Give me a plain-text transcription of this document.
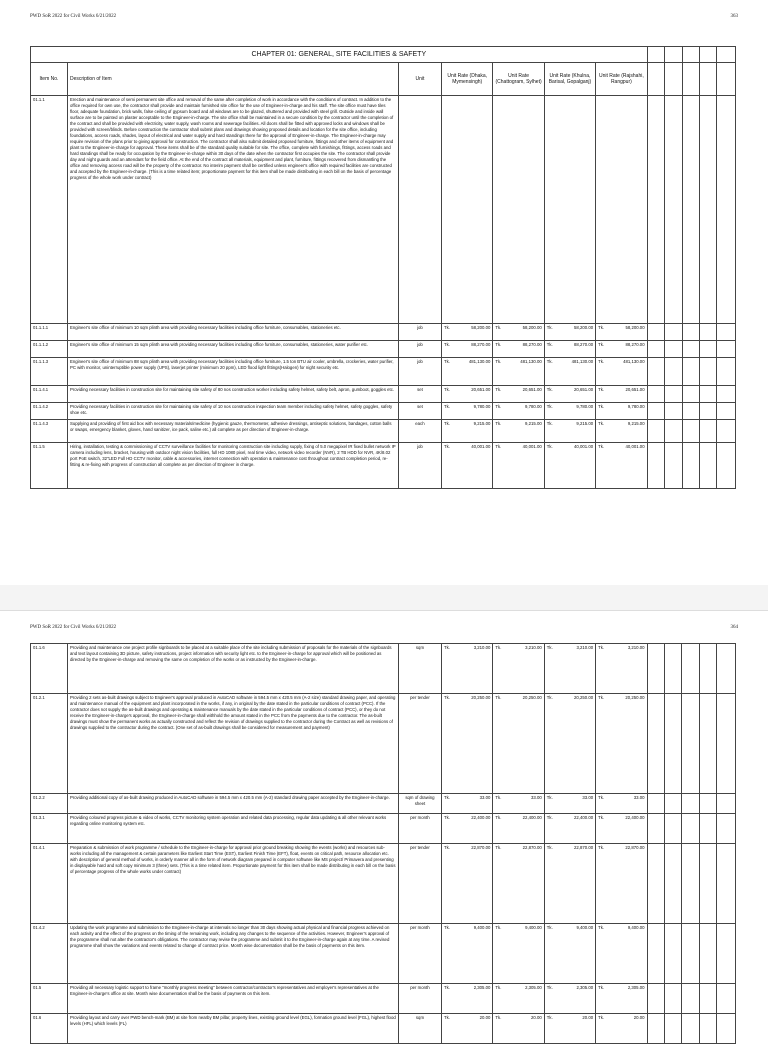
PWD SoR 2022 for Civil Works 6/21/2022	363
CHAPTER 01: GENERAL, SITE FACILITIES & SAFETY											
Item No.	Description of Item	Unit	Unit Rate (Dhaka, Mymensingh)	Unit Rate (Chattogram, Sylhet)	Unit Rate (Khulna, Barisal, Gopalganj)	Unit Rate (Rajshahi, Rangpur)					
01.1.1	Erection and maintenance of semi permanent site office and removal of the same after completion of work in accordance with the conditions of contract. In addition to the office required for own use, the contractor shall provide and maintain furnished site office for the use of Engineer-in-charge and his staff. The site office must have tiles floor, adequate foundation, brick walls, false ceiling of gypsum board and all windows are to be glazed, shuttered and provided with steel grill. Outside and inside wall surface are to be painted on plaster acceptable to the Engineer-in-charge. The site office shall be maintained in a secure condition by the contractor until the completion of the contract and shall be provided with electricity, water supply, wash rooms and sewerage facilities. All doors shall be fitted with approved locks and windows shall be provided with screen/blinds. Before construction the contractor shall submit plans and drawings showing proposed details and location for the site office, including foundations, access roads, shades, layout of electrical and water supply and hard standings there for the approval of Engineer-in-charge. The Engineer-in-charge may require revision of the plans prior to giving approval for construction. The contractor shall also submit detailed proposed furniture, fittings and other items of equipment and plant to the Engineer-in-charge for approval. These items shall be of the standard quality suitable for site. The office, complete with furnishings, fittings, access roads and hard standings shall be ready for occupation by the Engineer-in-charge within 30 days of the date when the contractor first occupies the site. The contractor shall provide day and night guards and an attendant for the field office. At the end of the contract all materials, equipment and plant, furniture, fittings recovered from dismantling the office and removing access road will be the property of the contractor. No interim payment shall be certified unless engineer's office with required facilities are constructed and accepted by the Engineer-in-charge. (This is a time related item; proportionate payment for this item shall be made distributing in each bill on the basis of percentage progress of the whole work under contract)										
01.1.1.1	Engineer's site office of minimum 10 sqm plinth area with providing necessary facilities including office furniture, consumables, stationeries etc.	job	Tk. 58,200.00	Tk. 58,200.00	Tk. 58,200.00	Tk. 58,200.00					

01.1.1.2	Engineer's site office of minimum 15 sqm plinth area with providing necessary facilities including office furniture, consumables, stationeries, water purifier etc.	job	Tk. 88,270.00	Tk. 88,270.00	Tk. 88,270.00	Tk. 88,270.00					

01.1.1.3	Engineer's site office of minimum 88 sqm plinth area with providing necessary facilities including office furniture, 1.5 ton BTU air cooler, umbrella, crockeries, water purifier, PC with monitor, uninterruptible power supply (UPS), laserjet printer (minimum 20 ppm), LED flood light fittings(Halogen) for night security etc.	job	Tk. 481,130.00	Tk. 481,130.00	Tk. 481,130.00	Tk. 481,130.00					

01.1.4.1	Providing necessary facilities in construction site for maintaining site safety of 80 nos construction worker including safety helmet, safety belt, apron, gumboot, goggles etc.	set	Tk. 20,651.00	Tk. 20,651.00	Tk. 20,651.00	Tk. 20,651.00					

01.1.4.2	Providing necessary facilities in construction site for maintaining site safety of 10 nos construction inspection team member including safety helmet, safety goggles, safety shoe etc.	set	Tk. 9,780.00	Tk. 9,780.00	Tk. 9,780.00	Tk. 9,780.00					

01.1.4.3	Supplying and providing of first aid box with necessary materials/medicine (hygienic gauze, thermometer, adhesive dressings, antiseptic solutions, bandages, cotton balls or swaps, emergency blanket, gloves, hand sanitizer, ice pack, saline etc.) all complete as per direction of Engineer-in-charge.	each	Tk. 9,215.00	Tk. 9,215.00	Tk. 9,215.00	Tk. 9,215.00					

01.1.5	Hiring, installation, testing & commissioning of CCTV surveillance facilities for monitoring construction site including supply, fixing of 5.0 megapixel IR fixed bullet network IP camera including lens, bracket, housing with outdoor night vision facilities, full HD 1080 pixel, real time video, network video recorder (NVR), 2 TB HDD for NVR, 4K/8.02 port PoE switch, 32"LED Full HD CCTV monitor, cable & accessories, internet connection with operation & maintenance cost throughout contract completion period, re-fitting & re-fixing with progress of construction all complete as per direction of Engineer in charge.	job	Tk. 40,001.00	Tk. 40,001.00	Tk. 40,001.00	Tk. 40,001.00					

PWD SoR 2022 for Civil Works 6/21/2022	364
01.1.6	Providing and maintenance one project profile signboards to be placed at a suitable place of the site including submission of proposals for the materials of the signboards and text layout containing 3D picture, safety instructions, project information with security light etc. to the Engineer-in-charge for approval which will be positioned as directed by the Engineer-in-charge and removing the same on completion of the works or as instructed by the Engineer-in-charge.	sqm	Tk. 3,210.00	Tk. 3,210.00	Tk. 3,210.00	Tk. 3,210.00					

01.2.1	Providing 2 sets as-built drawings subject to Engineer's approval produced in AutoCAD software in 594.5 mm x 420.5 mm (A-2 size) standard drawing paper, and operating and maintenance manual of the equipment and plant incorporated in the works, if any, in original by the date stated in the particular conditions of contract (PCC). If the contractor does not supply the as-built drawings and operating & maintenance manuals by the date stated in the particular conditions of contract (PCC), or they do not receive the Engineer-in-charge's approval, the Engineer-in-charge shall withhold the amount stated in the PCC from the payments due to the contractor. The as-built drawings must show the permanent works as actually constructed and reflect the revision of drawings supplied to the contractor during the Contract as well as revisions of drawings supplied to the contractor during the contract. (One set of as-built drawings shall be considered for measurement and payment)	per tender	Tk. 20,250.00	Tk. 20,250.00	Tk. 20,250.00	Tk. 20,250.00					

01.2.2	Providing additional copy of as-built drawing produced in AutoCAD software in 594.5 mm x 420.5 mm (A-2) standard drawing paper accepted by the Engineer-in-charge.	sqm of drawing sheet	Tk. 33.00	Tk. 33.00	Tk. 33.00	Tk. 33.00					

01.3.1	Providing coloured progress picture & video of works, CCTV monitoring system operation and related data processing, regular data updating & all other relevant works regarding online monitoring system etc.	per month	Tk. 22,400.00	Tk. 22,400.00	Tk. 22,400.00	Tk. 22,400.00					

01.4.1	Preparation & submission of work programme / schedule to the Engineer-in-charge for approval prior ground breaking showing the events (works) and resources sub-works including all the management & certain parameters like Earliest Start Time (EST), Earliest Finish Time (EFT), float, events on critical path, resource allocation etc. with description of general method of works, in orderly manner all in the form of network diagram prepared in computer software like MS project/ Primavera and presenting in displayable hard and soft copy minimum 3 (three) sets. (This is a time related item. Proportionate payment for this item shall be made distributing in each bill on the basis of percentage progress of the whole works under contract)	per tender	Tk. 22,870.00	Tk. 22,870.00	Tk. 22,870.00	Tk. 22,870.00					

01.4.2	Updating the work programme and submission to the Engineer-in-charge at intervals no longer than 30 days showing actual physical and financial progress achieved on each activity and the effect of the progress on the timing of the remaining work, including any changes to the sequence of the activities. However, Engineer's approval of the programme shall not alter the contractor's obligations. The contractor may revise the programme and submit it to the Engineer-in-charge again at any time. A revised programme shall show the variations and events related to change of contract price. Month wise documentation shall be the basis of payments on this item.	per month	Tk. 9,400.00	Tk. 9,400.00	Tk. 9,400.00	Tk. 9,400.00					

01.5	Providing all necessary logistic support to frame "monthly progress meeting" between contractor/contractor's representatives and employer's representatives at the Engineer-in-charge's office at site. Month wise documentation shall be the basis of payments on this item.	per month	Tk. 2,305.00	Tk. 2,305.00	Tk. 2,305.00	Tk. 2,305.00					

01.6	Providing layout and carry over PWD bench-mark (BM) at site from nearby BM pillar, property lines, existing ground level (EGL), formation ground level (FGL), highest flood levels (HFL) which levels (FL)	sqm	Tk. 20.00	Tk. 20.00	Tk. 20.00	Tk. 20.00					
